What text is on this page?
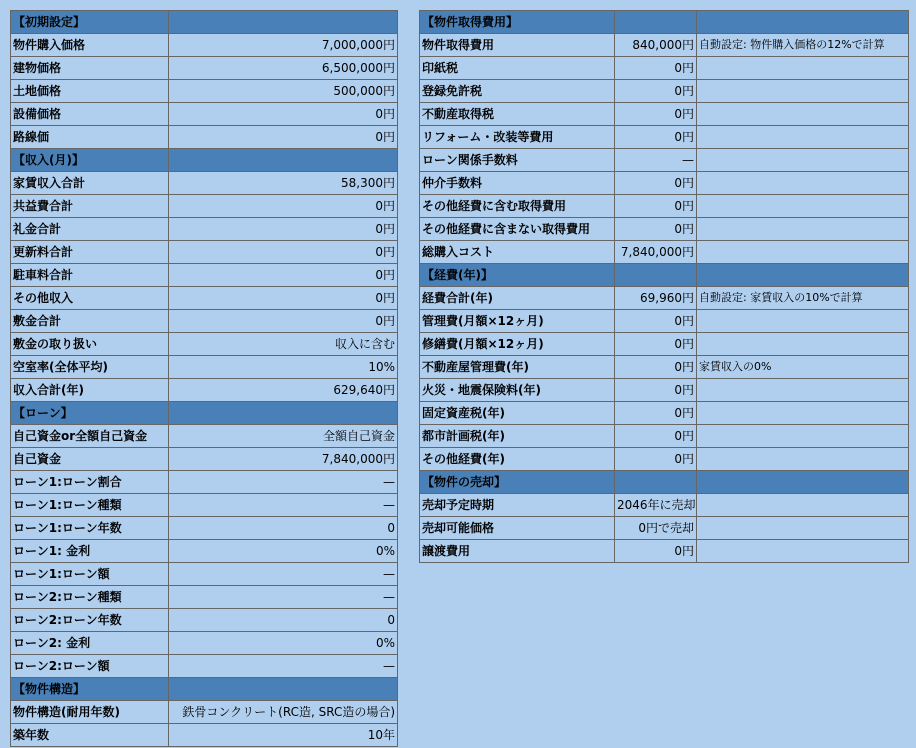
【初期設定】	
物件購入価格	7,000,000円
建物価格	6,500,000円
土地価格	500,000円
設備価格	0円
路線価	0円
【収入(月)】	
家賃収入合計	58,300円
共益費合計	0円
礼金合計	0円
更新料合計	0円
駐車料合計	0円
その他収入	0円
敷金合計	0円
敷金の取り扱い	収入に含む
空室率(全体平均)	10%
収入合計(年)	629,640円
【ローン】	
自己資金or全額自己資金	全額自己資金
自己資金	7,840,000円
ローン1:ローン割合	—
ローン1:ローン種類	—
ローン1:ローン年数	0
ローン1: 金利	0%
ローン1:ローン額	—
ローン2:ローン種類	—
ローン2:ローン年数	0
ローン2: 金利	0%
ローン2:ローン額	—
【物件構造】	
物件構造(耐用年数)	鉄骨コンクリート(RC造, SRC造の場合)
築年数	10年
【物件取得費用】		
物件取得費用	840,000円	自動設定: 物件購入価格の12%で計算
印紙税	0円	
登録免許税	0円	
不動産取得税	0円	
リフォーム・改装等費用	0円	
ローン関係手数料	—	
仲介手数料	0円	
その他経費に含む取得費用	0円	
その他経費に含まない取得費用	0円	
総購入コスト	7,840,000円	
【経費(年)】		
経費合計(年)	69,960円	自動設定: 家賃収入の10%で計算
管理費(月額×12ヶ月)	0円	
修繕費(月額×12ヶ月)	0円	
不動産屋管理費(年)	0円	家賃収入の0%
火災・地震保険料(年)	0円	
固定資産税(年)	0円	
都市計画税(年)	0円	
その他経費(年)	0円	
【物件の売却】		
売却予定時期	2046年に売却	
売却可能価格	0円で売却	
譲渡費用	0円	
